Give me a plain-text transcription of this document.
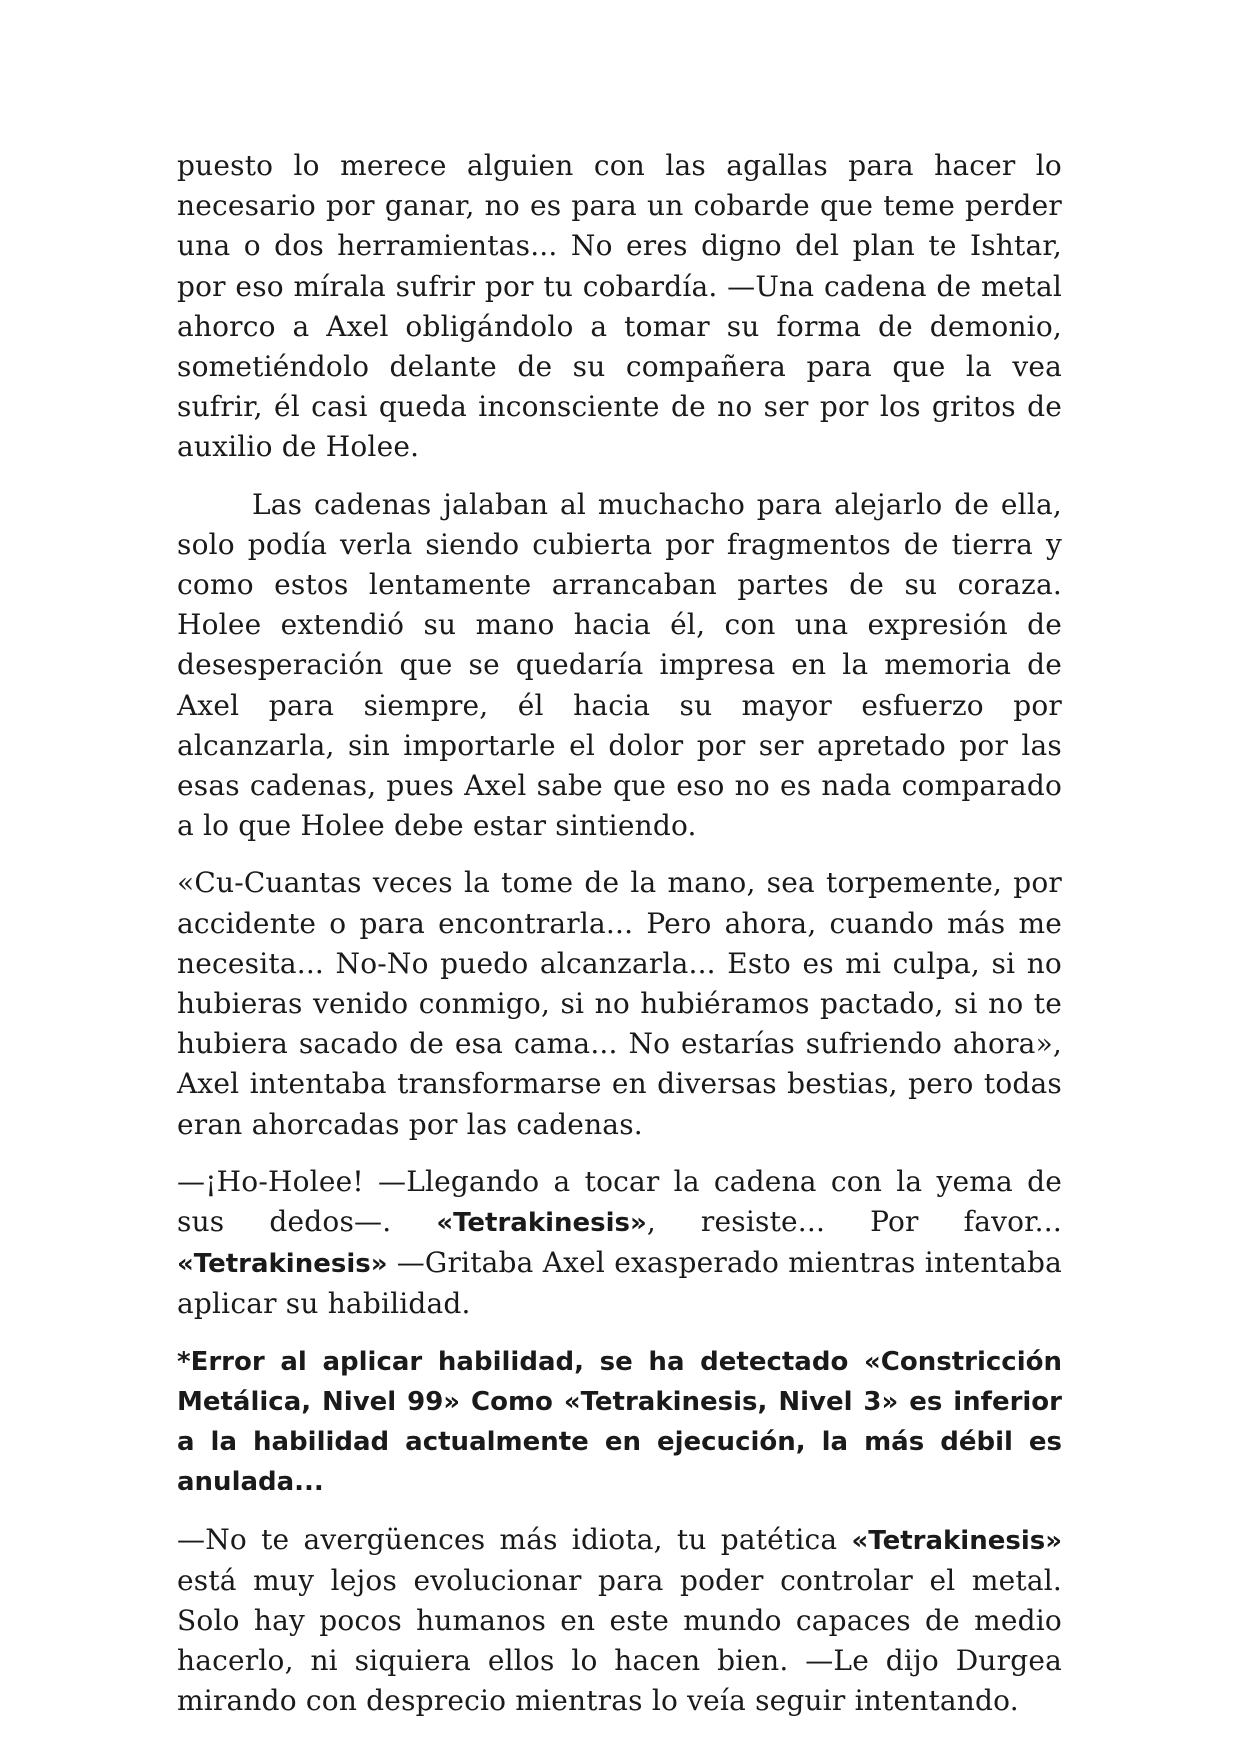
puesto lo merece alguien con las agallas para hacer lo necesario por ganar, no es para un cobarde que teme perder una o dos herramientas... No eres digno del plan te Ishtar, por eso mírala sufrir por tu cobardía. —Una cadena de metal ahorco a Axel obligándolo a tomar su forma de demonio, sometiéndolo delante de su compañera para que la vea sufrir, él casi queda inconsciente de no ser por los gritos de auxilio de Holee.

Las cadenas jalaban al muchacho para alejarlo de ella, solo podía verla siendo cubierta por fragmentos de tierra y como estos lentamente arrancaban partes de su coraza. Holee extendió su mano hacia él, con una expresión de desesperación que se quedaría impresa en la memoria de Axel para siempre, él hacia su mayor esfuerzo por alcanzarla, sin importarle el dolor por ser apretado por las esas cadenas, pues Axel sabe que eso no es nada comparado a lo que Holee debe estar sintiendo.

«Cu-Cuantas veces la tome de la mano, sea torpemente, por accidente o para encontrarla... Pero ahora, cuando más me necesita... No-No puedo alcanzarla... Esto es mi culpa, si no hubieras venido conmigo, si no hubiéramos pactado, si no te hubiera sacado de esa cama... No estarías sufriendo ahora», Axel intentaba transformarse en diversas bestias, pero todas eran ahorcadas por las cadenas.

—¡Ho-Holee! —Llegando a tocar la cadena con la yema de sus dedos—. «Tetrakinesis», resiste... Por favor... «Tetrakinesis» —Gritaba Axel exasperado mientras intentaba aplicar su habilidad.

*Error al aplicar habilidad, se ha detectado «Constricción Metálica, Nivel 99» Como «Tetrakinesis, Nivel 3» es inferior a la habilidad actualmente en ejecución, la más débil es anulada...

—No te avergüences más idiota, tu patética «Tetrakinesis» está muy lejos evolucionar para poder controlar el metal. Solo hay pocos humanos en este mundo capaces de medio hacerlo, ni siquiera ellos lo hacen bien. —Le dijo Durgea mirando con desprecio mientras lo veía seguir intentando.
